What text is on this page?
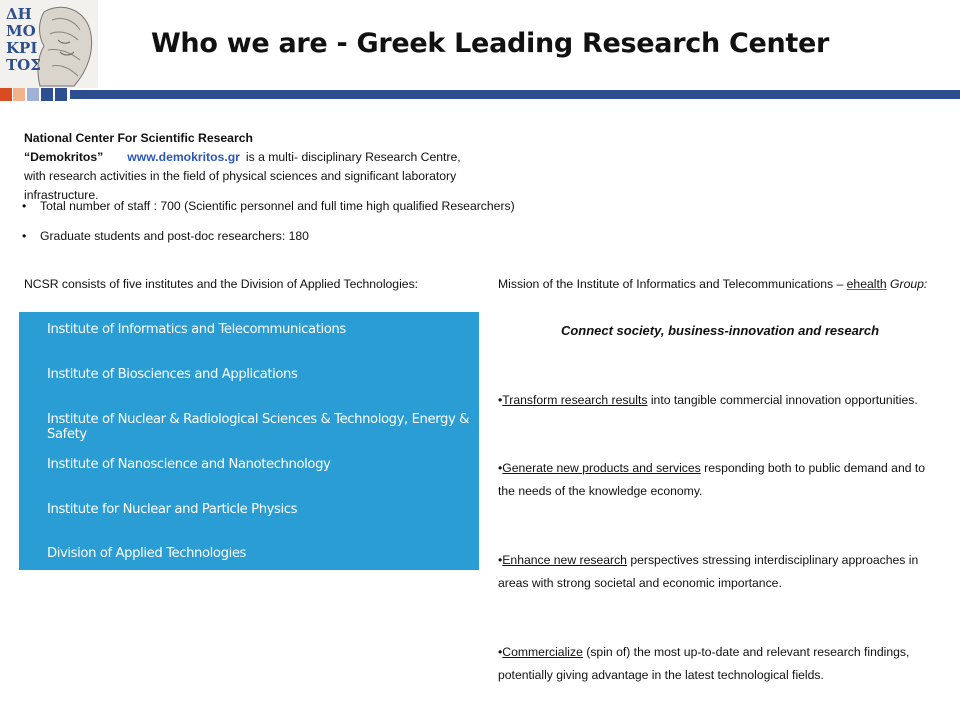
ΔΗ
ΜΟ
ΚΡΙ
ΤΟΣ
Who we are - Greek Leading Research Center
National Center For Scientific Research “Demokritos” www.demokritos.gr is a multi- disciplinary Research Centre, with research activities in the field of physical sciences and significant laboratory infrastructure.
• Total number of staff : 700 (Scientific personnel and full time high qualified Researchers)
• Graduate students and post-doc researchers: 180
NCSR consists of five institutes and the Division of Applied Technologies:
Institute of Informatics and Telecommunications
Institute of Biosciences and Applications
Institute of Nuclear & Radiological Sciences & Technology, Energy & Safety
Institute of Nanoscience and Nanotechnology
Institute for Nuclear and Particle Physics
Division of Applied Technologies
Mission of the Institute of Informatics and Telecommunications – ehealth Group:
Connect society, business-innovation and research
•Transform research results into tangible commercial innovation opportunities.
•Generate new products and services responding both to public demand and to the needs of the knowledge economy.
•Enhance new research perspectives stressing interdisciplinary approaches in areas with strong societal and economic importance.
•Commercialize (spin of) the most up-to-date and relevant research findings, potentially giving advantage in the latest technological fields.
